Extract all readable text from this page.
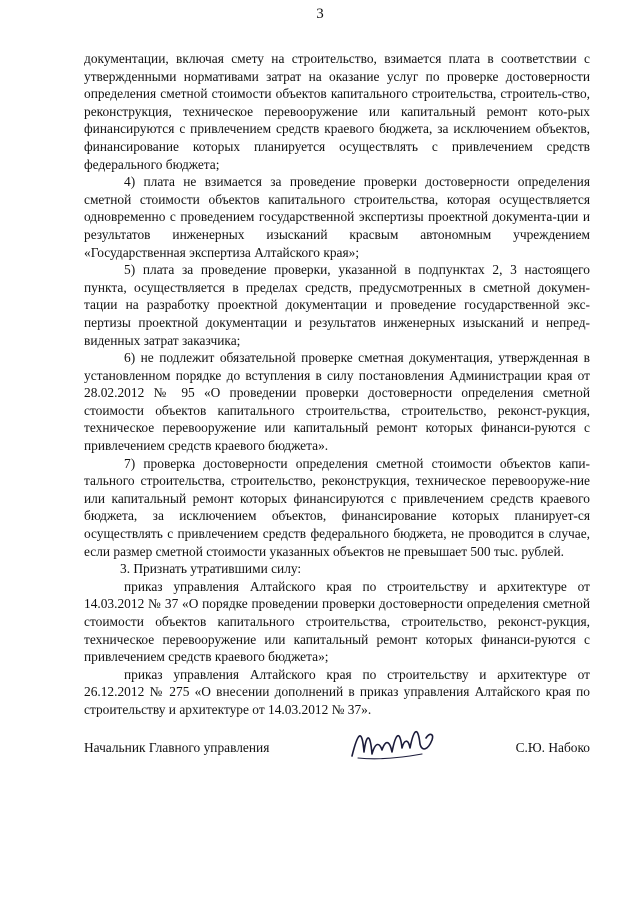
3

документации, включая смету на строительство, взимается плата в соответствии с утвержденными нормативами затрат на оказание услуг по проверке достоверности определения сметной стоимости объектов капитального строительства, строитель-ство, реконструкция, техническое перевооружение или капитальный ремонт кото-рых финансируются с привлечением средств краевого бюджета, за исключением объектов, финансирование которых планируется осуществлять с привлечением средств федерального бюджета;

4) плата не взимается за проведение проверки достоверности определения сметной стоимости объектов капитального строительства, которая осуществляется одновременно с проведением государственной экспертизы проектной документа-ции и результатов инженерных изысканий красвым автономным учреждением «Государственная экспертиза Алтайского края»;

5) плата за проведение проверки, указанной в подпунктах 2, 3 настоящего пункта, осуществляется в пределах средств, предусмотренных в сметной докумен-тации на разработку проектной документации и проведение государственной экс-пертизы проектной документации и результатов инженерных изысканий и непред-виденных затрат заказчика;

6) не подлежит обязательной проверке сметная документация, утвержденная в установленном порядке до вступления в силу постановления Администрации края от 28.02.2012 № 95 «О проведении проверки достоверности определения сметной стоимости объектов капитального строительства, строительство, реконст-рукция, техническое перевооружение или капитальный ремонт которых финанси-руются с привлечением средств краевого бюджета».

7) проверка достоверности определения сметной стоимости объектов капи-тального строительства, строительство, реконструкция, техническое перевооруже-ние или капитальный ремонт которых финансируются с привлечением средств краевого бюджета, за исключением объектов, финансирование которых планирует-ся осуществлять с привлечением средств федерального бюджета, не проводится в случае, если размер сметной стоимости указанных объектов не превышает 500 тыс. рублей.

3. Признать утратившими силу:

приказ управления Алтайского края по строительству и архитектуре от 14.03.2012 № 37 «О порядке проведении проверки достоверности определения сметной стоимости объектов капитального строительства, строительство, реконст-рукция, техническое перевооружение или капитальный ремонт которых финанси-руются с привлечением средств краевого бюджета»;

приказ управления Алтайского края по строительству и архитектуре от 26.12.2012 № 275 «О внесении дополнений в приказ управления Алтайского края по строительству и архитектуре от 14.03.2012 № 37».

Начальник Главного управления	С.Ю. Набоко
